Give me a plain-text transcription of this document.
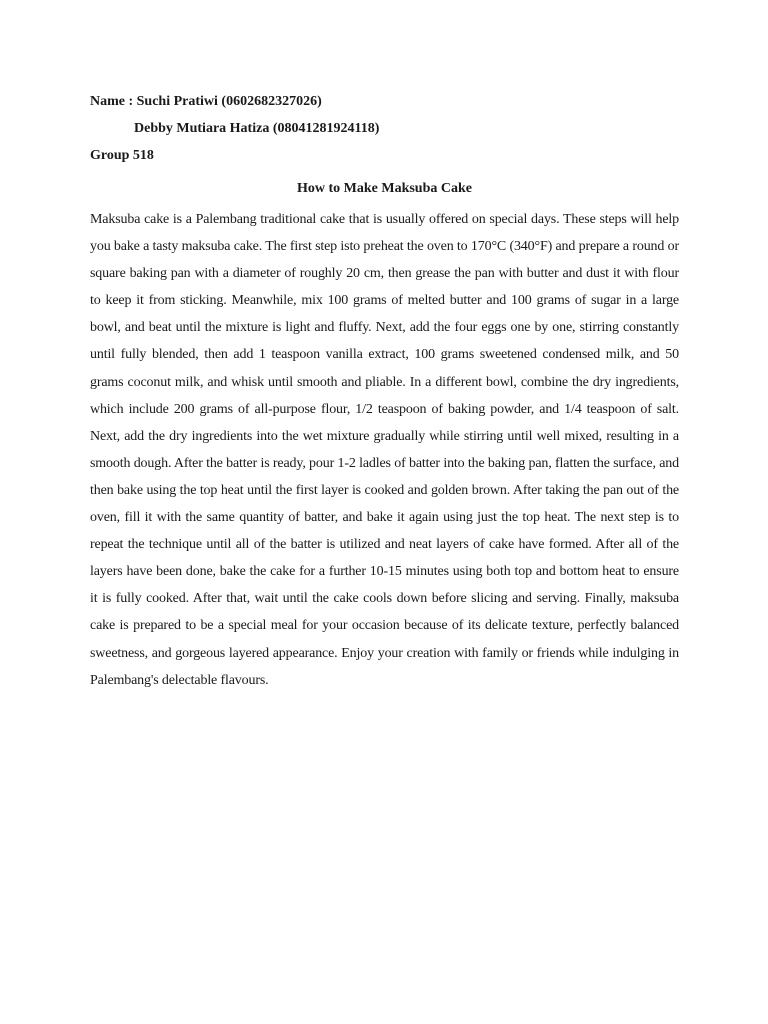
Name : Suchi Pratiwi (0602682327026)
Debby Mutiara Hatiza (08041281924118)
Group 518
How to Make Maksuba Cake

Maksuba cake is a Palembang traditional cake that is usually offered on special days. These steps will help you bake a tasty maksuba cake. The first step isto preheat the oven to 170°C (340°F) and prepare a round or square baking pan with a diameter of roughly 20 cm, then grease the pan with butter and dust it with flour to keep it from sticking. Meanwhile, mix 100 grams of melted butter and 100 grams of sugar in a large bowl, and beat until the mixture is light and fluffy. Next, add the four eggs one by one, stirring constantly until fully blended, then add 1 teaspoon vanilla extract, 100 grams sweetened condensed milk, and 50 grams coconut milk, and whisk until smooth and pliable. In a different bowl, combine the dry ingredients, which include 200 grams of all-purpose flour, 1/2 teaspoon of baking powder, and 1/4 teaspoon of salt. Next, add the dry ingredients into the wet mixture gradually while stirring until well mixed, resulting in a smooth dough. After the batter is ready, pour 1-2 ladles of batter into the baking pan, flatten the surface, and then bake using the top heat until the first layer is cooked and golden brown. After taking the pan out of the oven, fill it with the same quantity of batter, and bake it again using just the top heat. The next step is to repeat the technique until all of the batter is utilized and neat layers of cake have formed. After all of the layers have been done, bake the cake for a further 10-15 minutes using both top and bottom heat to ensure it is fully cooked. After that, wait until the cake cools down before slicing and serving. Finally, maksuba cake is prepared to be a special meal for your occasion because of its delicate texture, perfectly balanced sweetness, and gorgeous layered appearance. Enjoy your creation with family or friends while indulging in Palembang's delectable flavours.
